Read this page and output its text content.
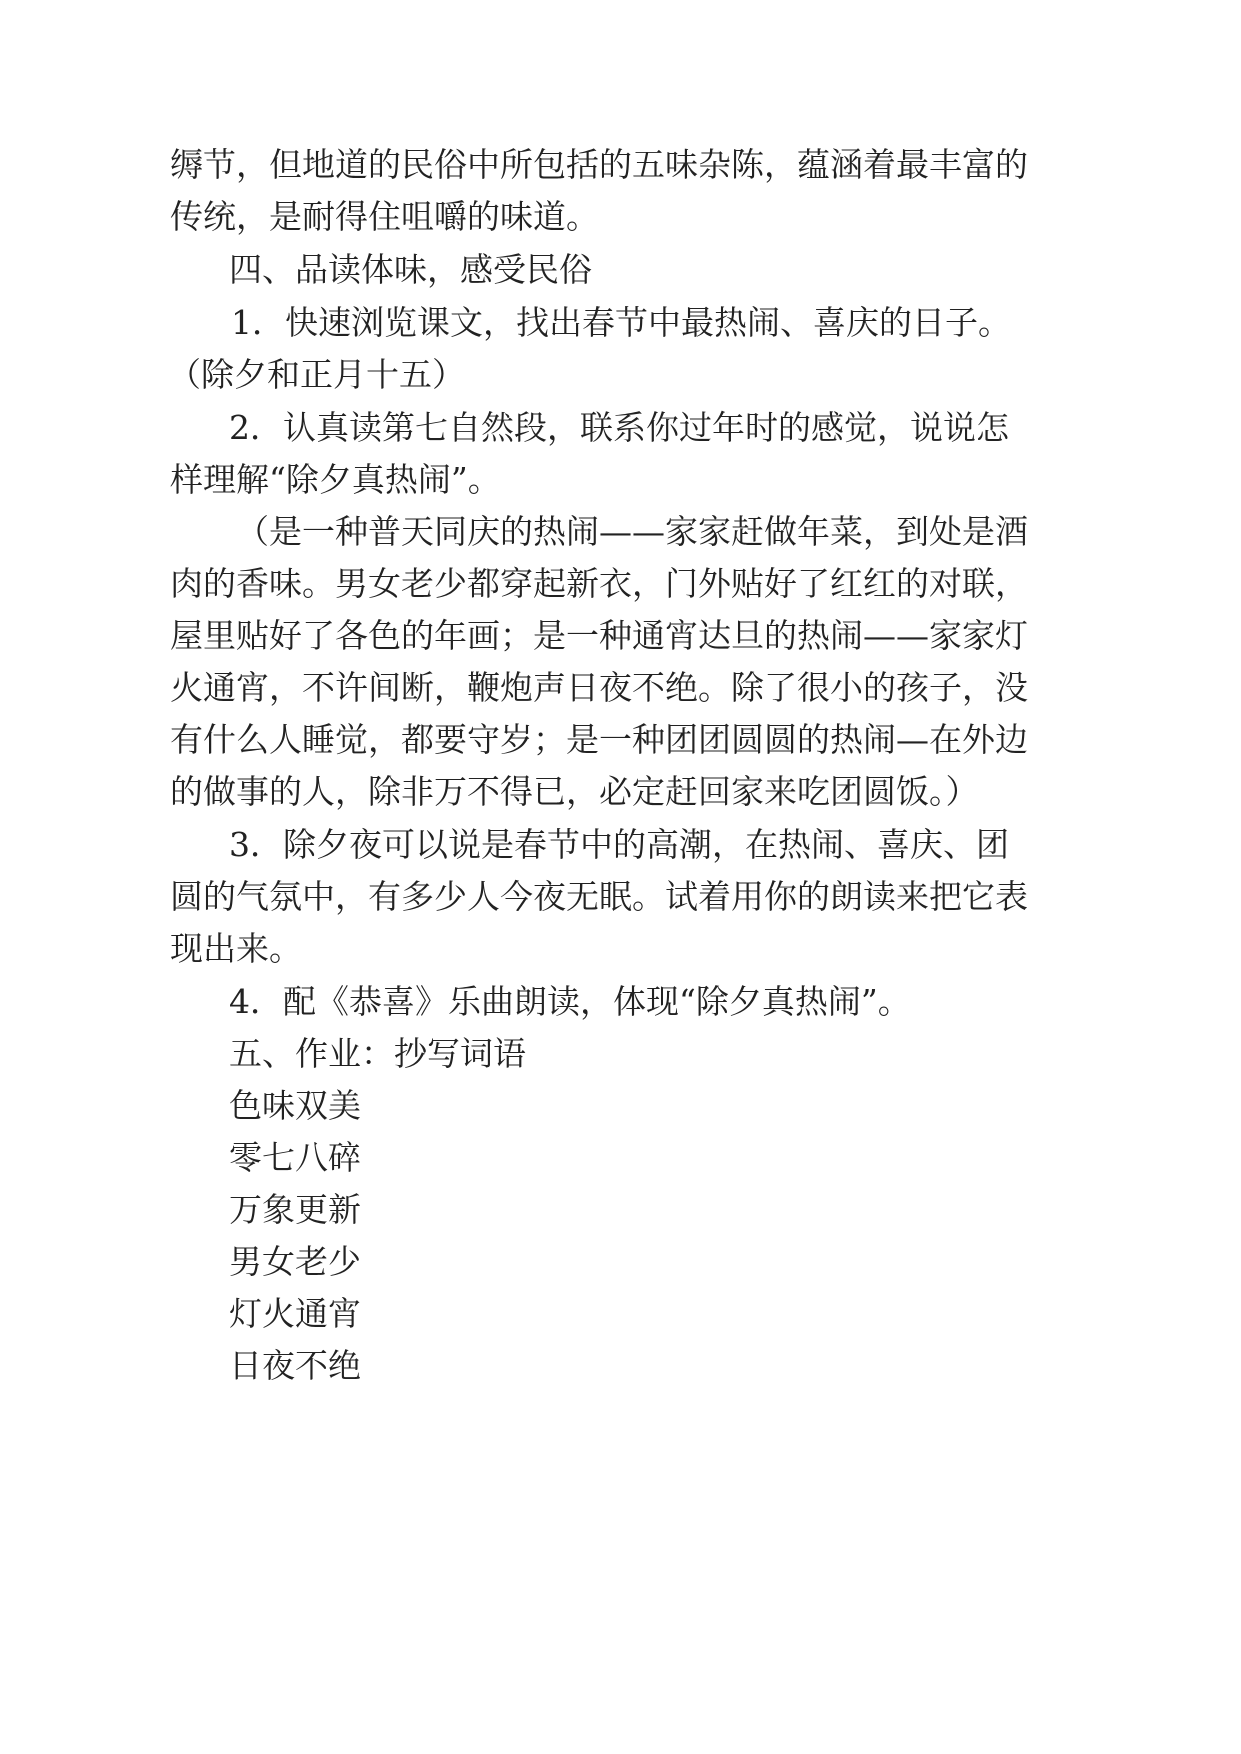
缛节，但地道的民俗中所包括的五味杂陈，蕴涵着最丰富的
传统，是耐得住咀嚼的味道。
四、品读体味，感受民俗
1．快速浏览课文，找出春节中最热闹、喜庆的日子。
（除夕和正月十五）
2．认真读第七自然段，联系你过年时的感觉，说说怎
样理解“除夕真热闹”。
（是一种普天同庆的热闹——家家赶做年菜，到处是酒
肉的香味。男女老少都穿起新衣，门外贴好了红红的对联，
屋里贴好了各色的年画；是一种通宵达旦的热闹——家家灯
火通宵，不许间断，鞭炮声日夜不绝。除了很小的孩子，没
有什么人睡觉，都要守岁；是一种团团圆圆的热闹—在外边
的做事的人，除非万不得已，必定赶回家来吃团圆饭。）
3．除夕夜可以说是春节中的高潮，在热闹、喜庆、团
圆的气氛中，有多少人今夜无眠。试着用你的朗读来把它表
现出来。
4．配《恭喜》乐曲朗读，体现“除夕真热闹”。
五、作业：抄写词语
色味双美
零七八碎
万象更新
男女老少
灯火通宵
日夜不绝
